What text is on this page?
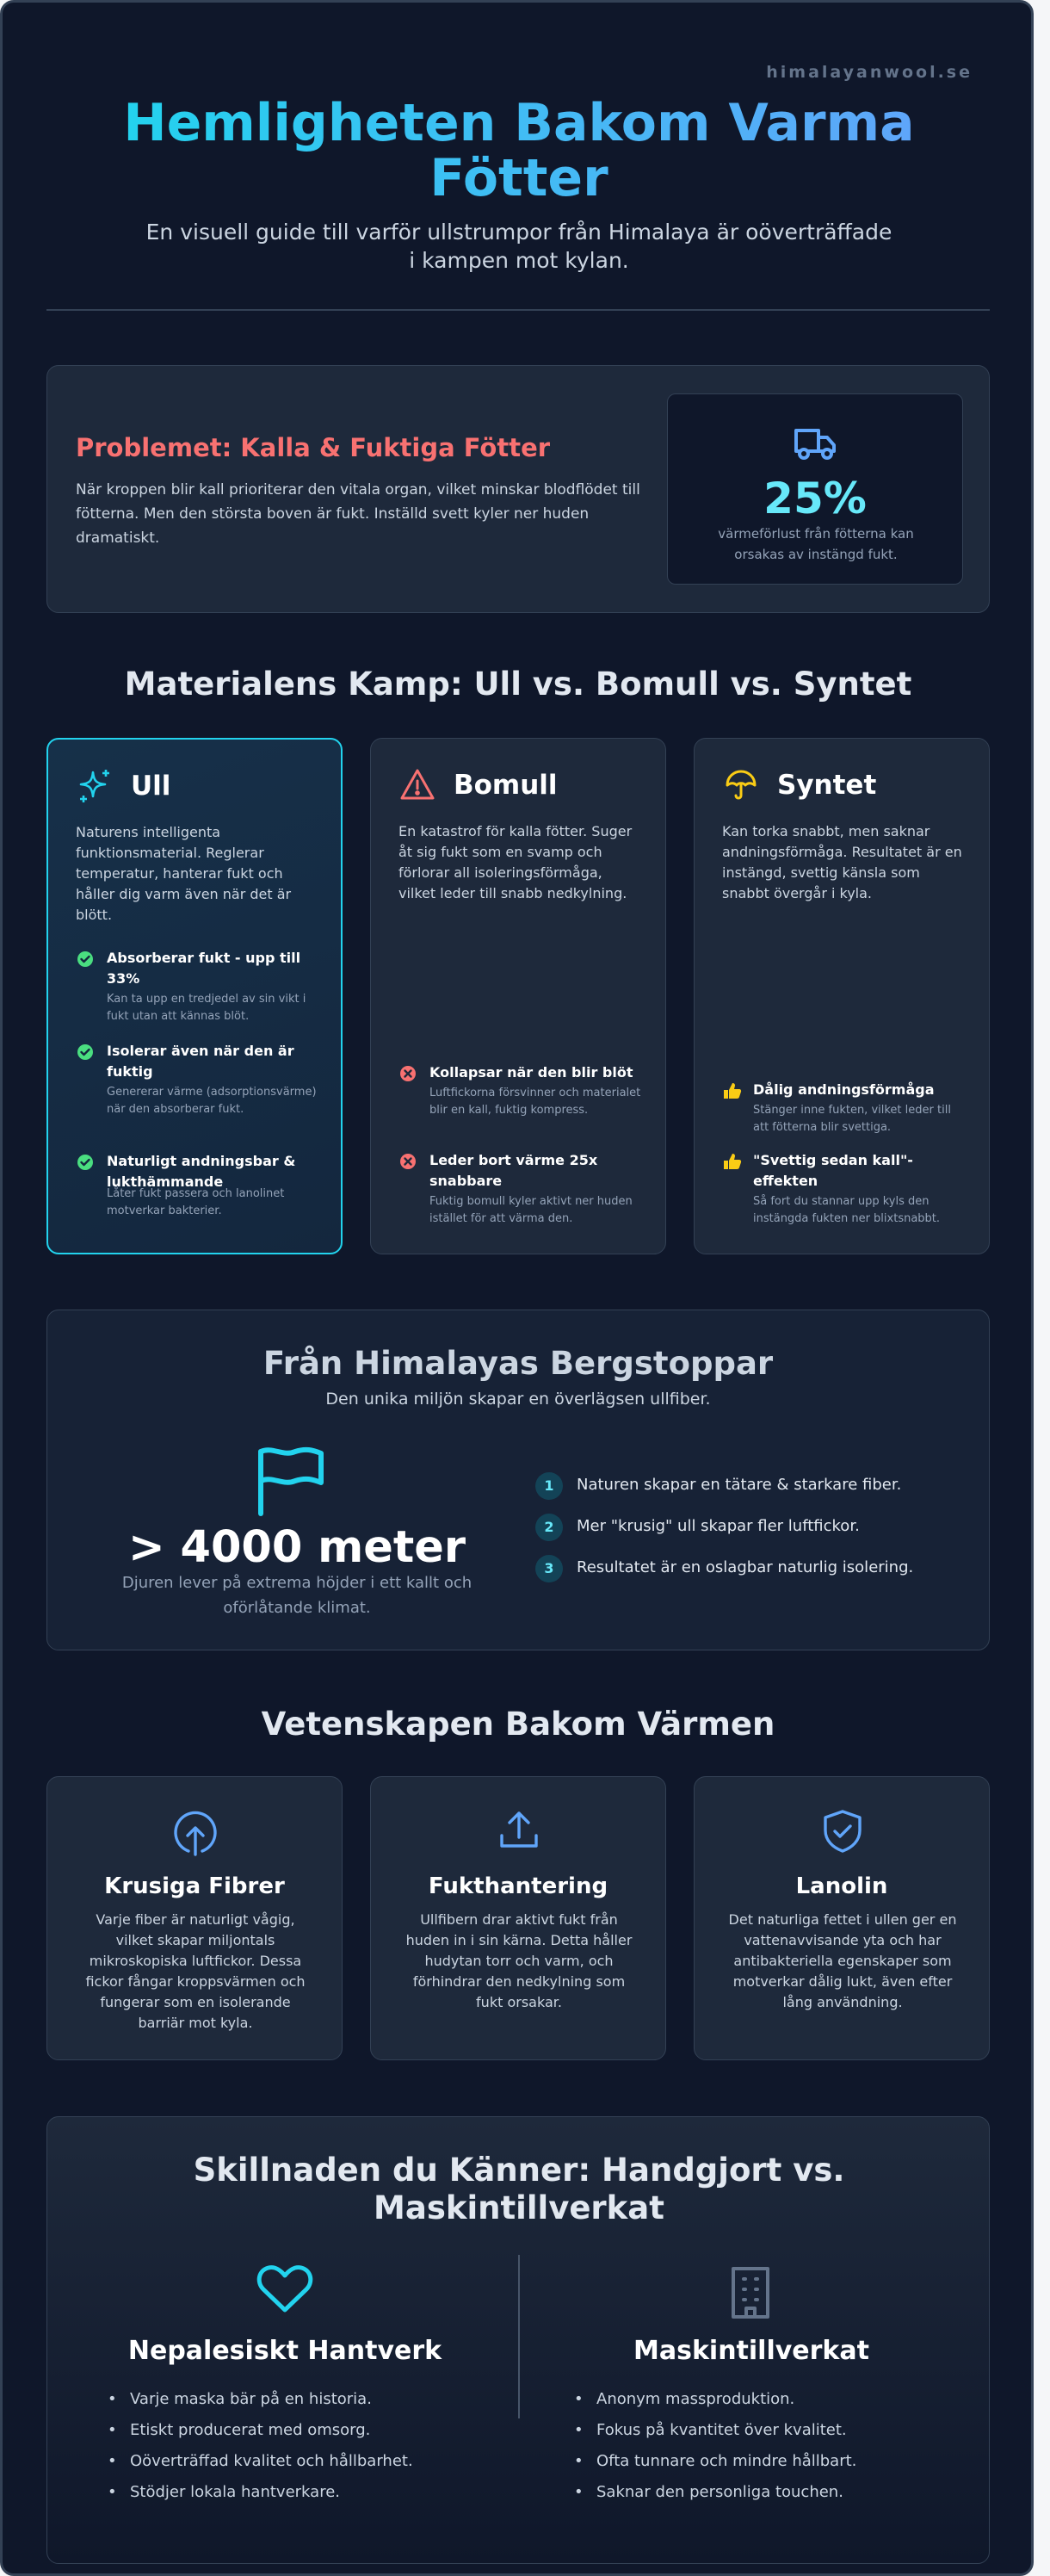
himalayanwool.se
Hemligheten Bakom Varma Fötter

En visuell guide till varför ullstrumpor från Himalaya är oöverträffade i kampen mot kylan.

Problemet: Kalla & Fuktiga Fötter

När kroppen blir kall prioriterar den vitala organ, vilket minskar blodflödet till fötterna. Men den största boven är fukt. Inställd svett kyler ner huden dramatiskt.

25%
värmeförlust från fötterna kan orsakas av instängd fukt.
Materialens Kamp: Ull vs. Bomull vs. Syntet
Ull
Naturens intelligenta funktionsmaterial. Reglerar temperatur, hanterar fukt och håller dig varm även när det är blött.
Absorberar fukt - upp till 33%
Kan ta upp en tredjedel av sin vikt i fukt utan att kännas blöt.
Isolerar även när den är fuktig
Genererar värme (adsorptionsvärme) när den absorberar fukt.
Naturligt andningsbar & lukthämmande
Låter fukt passera och lanolinet motverkar bakterier.
Bomull
En katastrof för kalla fötter. Suger åt sig fukt som en svamp och förlorar all isoleringsförmåga, vilket leder till snabb nedkylning.
Kollapsar när den blir blöt
Luftfickorna försvinner och materialet blir en kall, fuktig kompress.
Leder bort värme 25x snabbare
Fuktig bomull kyler aktivt ner huden istället för att värma den.
Syntet
Kan torka snabbt, men saknar andningsförmåga. Resultatet är en instängd, svettig känsla som snabbt övergår i kyla.
Dålig andningsförmåga
Stänger inne fukten, vilket leder till att fötterna blir svettiga.
"Svettig sedan kall"-effekten
Så fort du stannar upp kyls den instängda fukten ner blixtsnabbt.
Från Himalayas Bergstoppar

Den unika miljön skapar en överlägsen ullfiber.

> 4000 meter
Djuren lever på extrema höjder i ett kallt och oförlåtande klimat.
1	Naturen skapar en tätare & starkare fiber.
2	Mer "krusig" ull skapar fler luftfickor.
3	Resultatet är en oslagbar naturlig isolering.
Vetenskapen Bakom Värmen
Krusiga Fibrer
Varje fiber är naturligt vågig, vilket skapar miljontals mikroskopiska luftfickor. Dessa fickor fångar kroppsvärmen och fungerar som en isolerande barriär mot kyla.
Fukthantering
Ullfibern drar aktivt fukt från huden in i sin kärna. Detta håller hudytan torr och varm, och förhindrar den nedkylning som fukt orsakar.
Lanolin
Det naturliga fettet i ullen ger en vattenavvisande yta och har antibakteriella egenskaper som motverkar dålig lukt, även efter lång användning.
Skillnaden du Känner: Handgjort vs. Maskintillverkat
Nepalesiskt Hantverk
• Varje maska bär på en historia.
• Etiskt producerat med omsorg.
• Oöverträffad kvalitet och hållbarhet.
• Stödjer lokala hantverkare.
Maskintillverkat
• Anonym massproduktion.
• Fokus på kvantitet över kvalitet.
• Ofta tunnare och mindre hållbart.
• Saknar den personliga touchen.
